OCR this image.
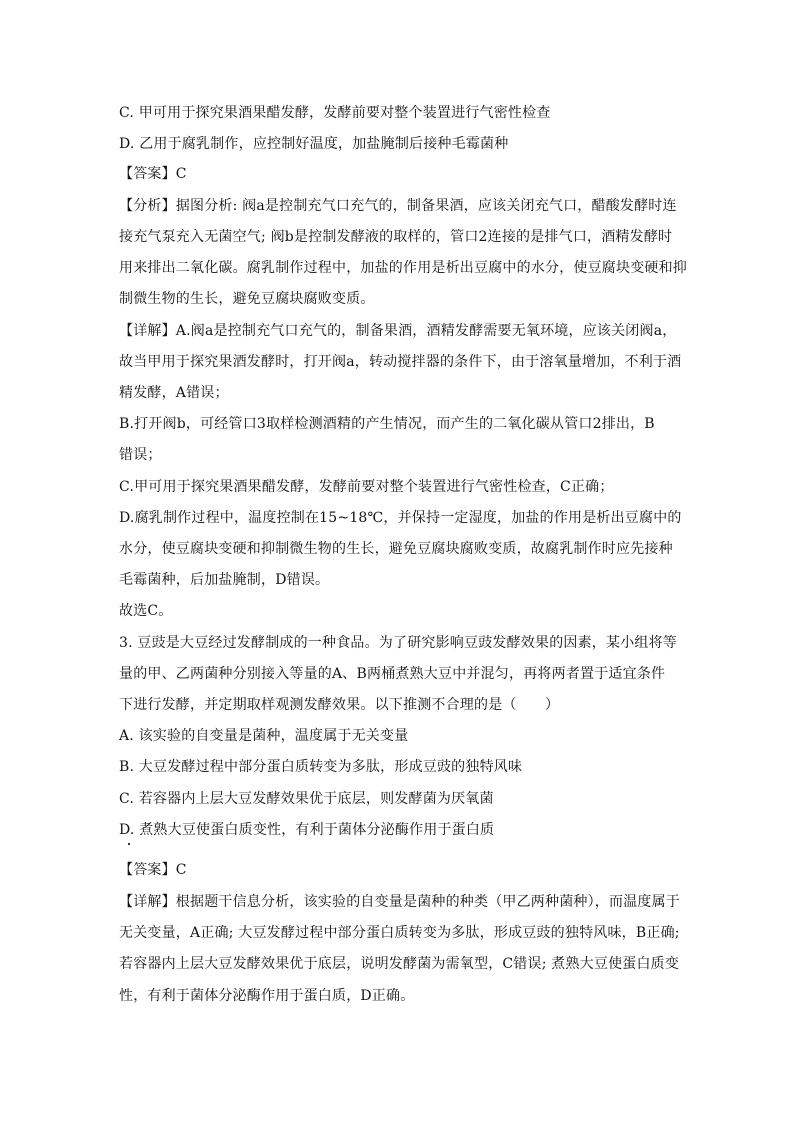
C. 甲可用于探究果酒果醋发酵，发酵前要对整个装置进行气密性检查
D. 乙用于腐乳制作，应控制好温度，加盐腌制后接种毛霉菌种
【答案】C
【分析】据图分析: 阀a是控制充气口充气的，制备果酒，应该关闭充气口，醋酸发酵时连
接充气泵充入无菌空气; 阀b是控制发酵液的取样的，管口2连接的是排气口，酒精发酵时
用来排出二氧化碳。腐乳制作过程中，加盐的作用是析出豆腐中的水分，使豆腐块变硬和抑
制微生物的生长，避免豆腐块腐败变质。
【详解】A.阀a是控制充气口充气的，制备果酒，酒精发酵需要无氧环境，应该关闭阀a，
故当甲用于探究果酒发酵时，打开阀a，转动搅拌器的条件下，由于溶氧量增加，不利于酒
精发酵，A错误；
B.打开阀b，可经管口3取样检测酒精的产生情况，而产生的二氧化碳从管口2排出，B
错误；
C.甲可用于探究果酒果醋发酵，发酵前要对整个装置进行气密性检查，C正确；
D.腐乳制作过程中，温度控制在15~18℃，并保持一定湿度，加盐的作用是析出豆腐中的
水分，使豆腐块变硬和抑制微生物的生长，避免豆腐块腐败变质，故腐乳制作时应先接种
毛霉菌种，后加盐腌制，D错误。
故选C。
3. 豆豉是大豆经过发酵制成的一种食品。为了研究影响豆豉发酵效果的因素，某小组将等
量的甲、乙两菌种分别接入等量的A、B两桶煮熟大豆中并混匀，再将两者置于适宜条件
下进行发酵，并定期取样观测发酵效果。以下推测不合理的是（　　）
A. 该实验的自变量是菌种，温度属于无关变量
B. 大豆发酵过程中部分蛋白质转变为多肽，形成豆豉的独特风味
C. 若容器内上层大豆发酵效果优于底层，则发酵菌为厌氧菌
D. 煮熟大豆使蛋白质变性，有利于菌体分泌酶作用于蛋白质
【答案】C
【详解】根据题干信息分析，该实验的自变量是菌种的种类（甲乙两种菌种），而温度属于
无关变量，A正确; 大豆发酵过程中部分蛋白质转变为多肽，形成豆豉的独特风味，B正确;
若容器内上层大豆发酵效果优于底层，说明发酵菌为需氧型，C错误; 煮熟大豆使蛋白质变
性，有利于菌体分泌酶作用于蛋白质，D正确。
